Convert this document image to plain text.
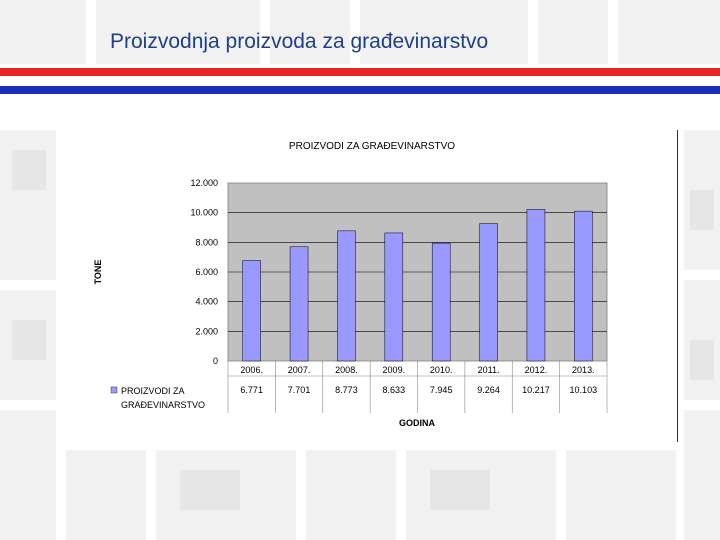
Proizvodnja proizvoda za građevinarstvo
PROIZVODI ZA GRAĐEVINARSTVO
TONE
0
2.000
4.000
6.000
8.000
10.000
12.000
2006.
6.771
2007.
7.701
2008.
8.773
2009.
8.633
2010.
7.945
2011.
9.264
2012.
10.217
2013.
10.103
PROIZVODI ZA GRAĐEVINARSTVO
GODINA
